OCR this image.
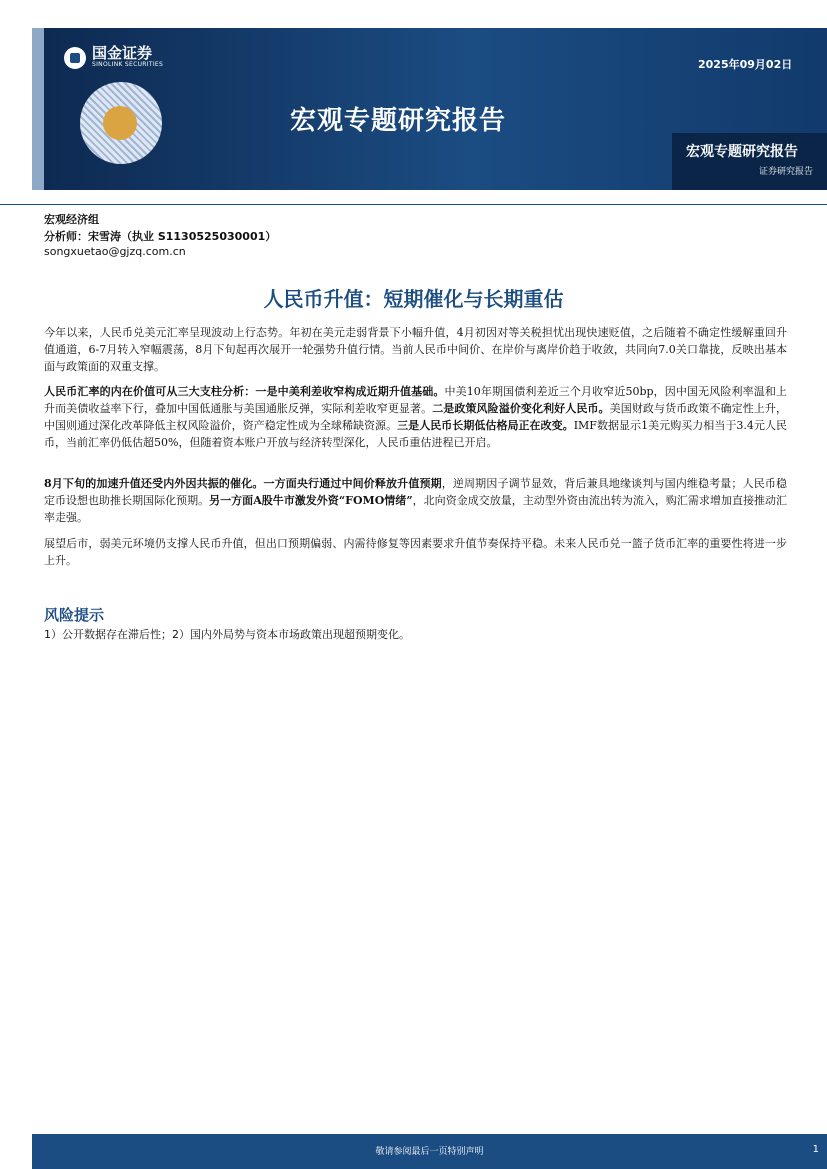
国金证券
SINOLINK SECURITIES	2025年09月02日
宏观专题研究报告
宏观专题研究报告
证券研究报告
宏观经济组
分析师：宋雪涛（执业 S1130525030001）
songxuetao@gjzq.com.cn
人民币升值：短期催化与长期重估
今年以来，人民币兑美元汇率呈现波动上行态势。年初在美元走弱背景下小幅升值，4月初因对等关税担忧出现快速贬值，之后随着不确定性缓解重回升值通道，6-7月转入窄幅震荡，8月下旬起再次展开一轮强势升值行情。当前人民币中间价、在岸价与离岸价趋于收敛，共同向7.0关口靠拢，反映出基本面与政策面的双重支撑。
人民币汇率的内在价值可从三大支柱分析：一是中美利差收窄构成近期升值基础。中美10年期国债利差近三个月收窄近50bp，因中国无风险利率温和上升而美债收益率下行，叠加中国低通胀与美国通胀反弹，实际利差收窄更显著。二是政策风险溢价变化利好人民币。美国财政与货币政策不确定性上升，中国则通过深化改革降低主权风险溢价，资产稳定性成为全球稀缺资源。三是人民币长期低估格局正在改变。IMF数据显示1美元购买力相当于3.4元人民币，当前汇率仍低估超50%，但随着资本账户开放与经济转型深化，人民币重估进程已开启。
8月下旬的加速升值还受内外因共振的催化。一方面央行通过中间价释放升值预期，逆周期因子调节显效，背后兼具地缘谈判与国内维稳考量；人民币稳定币设想也助推长期国际化预期。另一方面A股牛市激发外资“FOMO情绪”，北向资金成交放量，主动型外资由流出转为流入，购汇需求增加直接推动汇率走强。
展望后市，弱美元环境仍支撑人民币升值，但出口预期偏弱、内需待修复等因素要求升值节奏保持平稳。未来人民币兑一篮子货币汇率的重要性将进一步上升。
风险提示
1）公开数据存在滞后性；2）国内外局势与资本市场政策出现超预期变化。
敬请参阅最后一页特别声明	1
